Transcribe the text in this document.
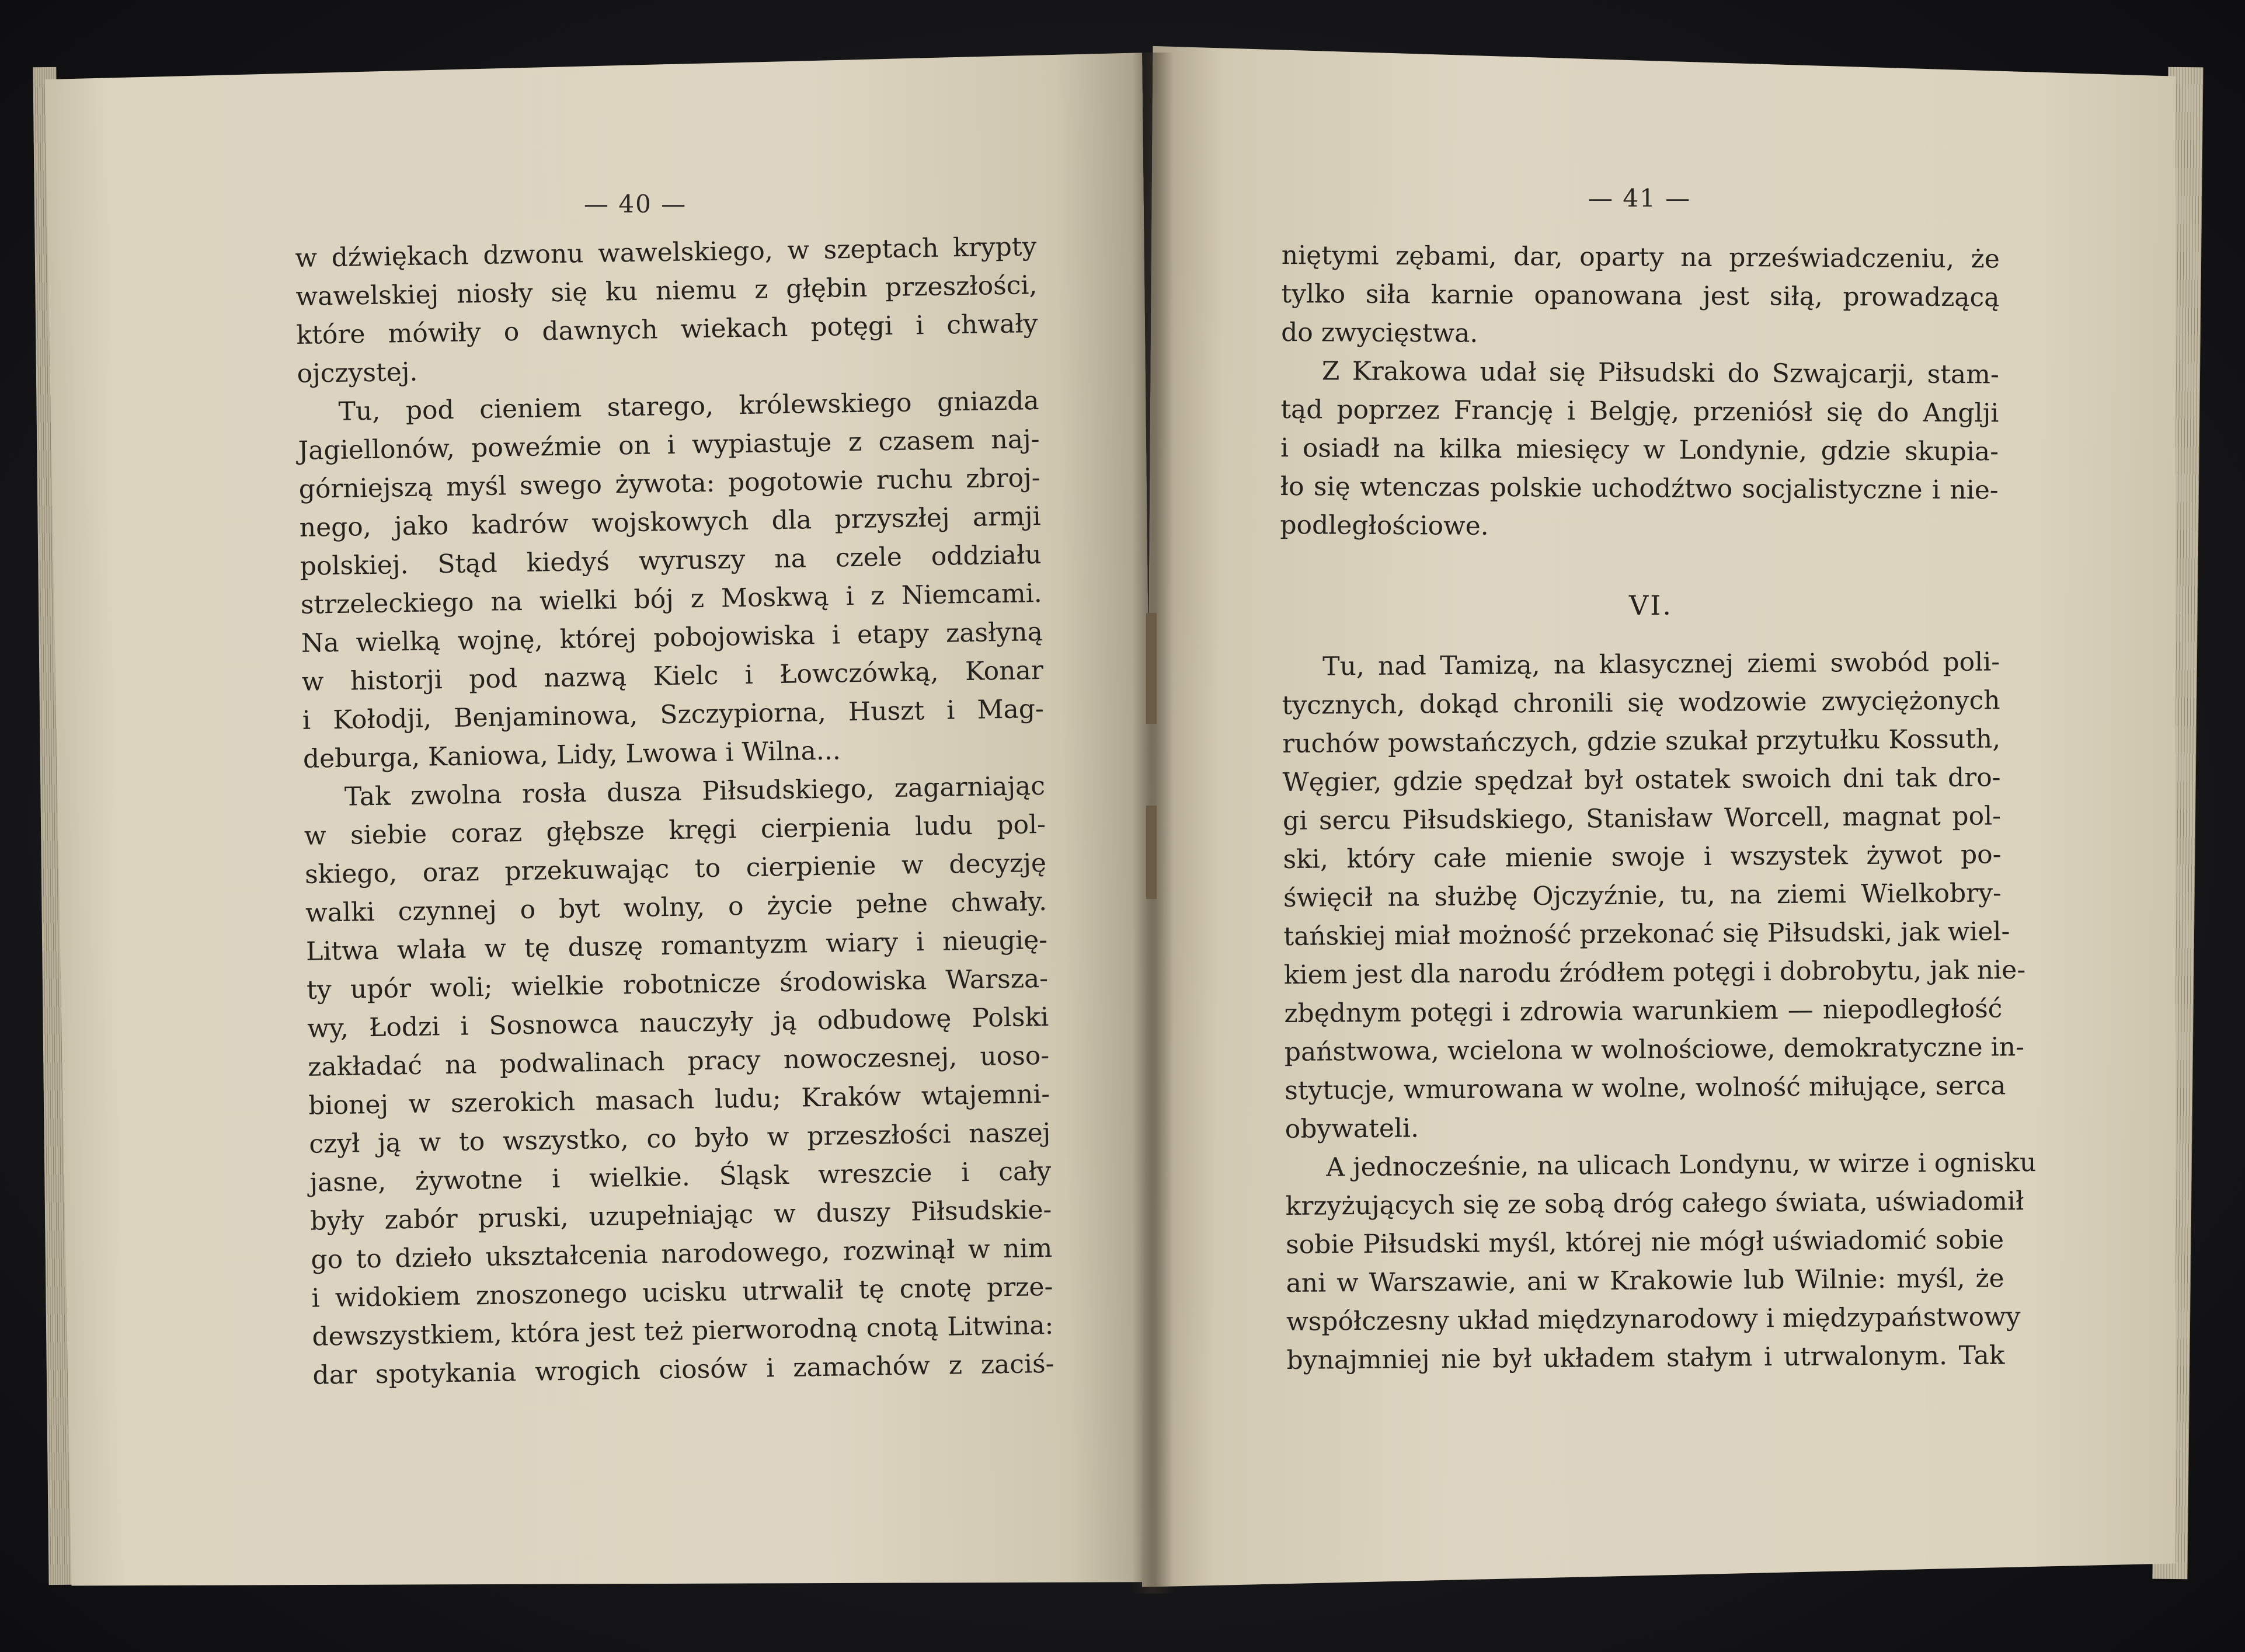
— 40 —
w dźwiękach dzwonu wawelskiego, w szeptach krypty
wawelskiej niosły się ku niemu z głębin przeszłości,
które mówiły o dawnych wiekach potęgi i chwały
ojczystej.
Tu, pod cieniem starego, królewskiego gniazda
Jagiellonów, poweźmie on i wypiastuje z czasem naj-
górniejszą myśl swego żywota: pogotowie ruchu zbroj-
nego, jako kadrów wojskowych dla przyszłej armji
polskiej. Stąd kiedyś wyruszy na czele oddziału
strzeleckiego na wielki bój z Moskwą i z Niemcami.
Na wielką wojnę, której pobojowiska i etapy zasłyną
w historji pod nazwą Kielc i Łowczówką, Konar
i Kołodji, Benjaminowa, Szczypiorna, Huszt i Mag-
deburga, Kaniowa, Lidy, Lwowa i Wilna...
Tak zwolna rosła dusza Piłsudskiego, zagarniając
w siebie coraz głębsze kręgi cierpienia ludu pol-
skiego, oraz przekuwając to cierpienie w decyzję
walki czynnej o byt wolny, o życie pełne chwały.
Litwa wlała w tę duszę romantyzm wiary i nieugię-
ty upór woli; wielkie robotnicze środowiska Warsza-
wy, Łodzi i Sosnowca nauczyły ją odbudowę Polski
zakładać na podwalinach pracy nowoczesnej, uoso-
bionej w szerokich masach ludu; Kraków wtajemni-
czył ją w to wszystko, co było w przeszłości naszej
jasne, żywotne i wielkie. Śląsk wreszcie i cały
były zabór pruski, uzupełniając w duszy Piłsudskie-
go to dzieło ukształcenia narodowego, rozwinął w nim
i widokiem znoszonego ucisku utrwalił tę cnotę prze-
dewszystkiem, która jest też pierworodną cnotą Litwina:
dar spotykania wrogich ciosów i zamachów z zaciś-
— 41 —
niętymi zębami, dar, oparty na przeświadczeniu, że
tylko siła karnie opanowana jest siłą, prowadzącą
do zwycięstwa.
Z Krakowa udał się Piłsudski do Szwajcarji, stam-
tąd poprzez Francję i Belgję, przeniósł się do Anglji
i osiadł na kilka miesięcy w Londynie, gdzie skupia-
ło się wtenczas polskie uchodźtwo socjalistyczne i nie-
podległościowe.
VI.
Tu, nad Tamizą, na klasycznej ziemi swobód poli-
tycznych, dokąd chronili się wodzowie zwyciężonych
ruchów powstańczych, gdzie szukał przytułku Kossuth,
Węgier, gdzie spędzał był ostatek swoich dni tak dro-
gi sercu Piłsudskiego, Stanisław Worcell, magnat pol-
ski, który całe mienie swoje i wszystek żywot po-
święcił na służbę Ojczyźnie, tu, na ziemi Wielkobry-
tańskiej miał możność przekonać się Piłsudski, jak wiel-
kiem jest dla narodu źródłem potęgi i dobrobytu, jak nie-
zbędnym potęgi i zdrowia warunkiem — niepodległość
państwowa, wcielona w wolnościowe, demokratyczne in-
stytucje, wmurowana w wolne, wolność miłujące, serca
obywateli.
A jednocześnie, na ulicach Londynu, w wirze i ognisku
krzyżujących się ze sobą dróg całego świata, uświadomił
sobie Piłsudski myśl, której nie mógł uświadomić sobie
ani w Warszawie, ani w Krakowie lub Wilnie: myśl, że
współczesny układ międzynarodowy i międzypaństwowy
bynajmniej nie był układem stałym i utrwalonym. Tak
